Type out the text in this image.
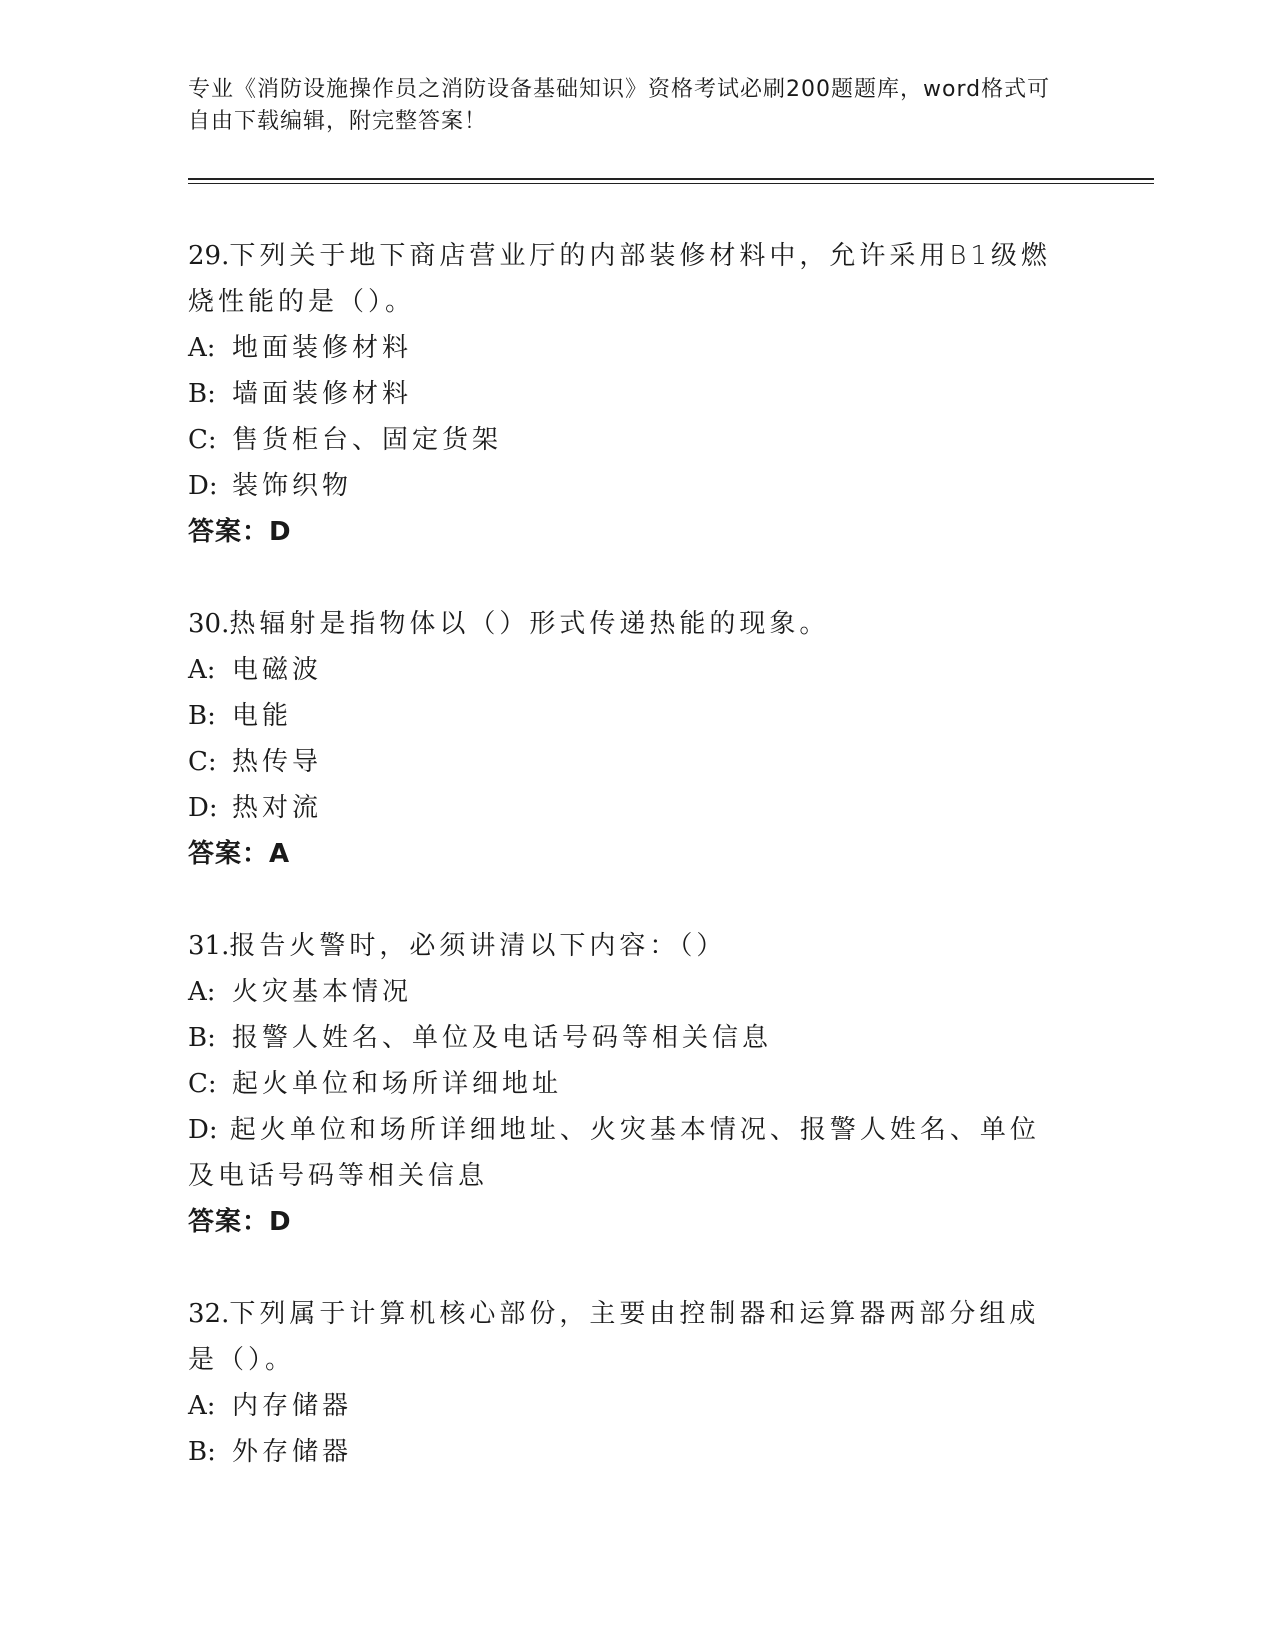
专业《消防设施操作员之消防设备基础知识》资格考试必刷200题题库，word格式可自由下载编辑，附完整答案！
29.下列关于地下商店营业厅的内部装修材料中，允许采用B1级燃烧性能的是（）。
A: 地面装修材料
B: 墙面装修材料
C: 售货柜台、固定货架
D: 装饰织物
答案：D
30.热辐射是指物体以（）形式传递热能的现象。
A: 电磁波
B: 电能
C: 热传导
D: 热对流
答案：A
31.报告火警时，必须讲清以下内容：（）
A: 火灾基本情况
B: 报警人姓名、单位及电话号码等相关信息
C: 起火单位和场所详细地址
D: 起火单位和场所详细地址、火灾基本情况、报警人姓名、单位及电话号码等相关信息
答案：D
32.下列属于计算机核心部份，主要由控制器和运算器两部分组成是（）。
A: 内存储器
B: 外存储器
